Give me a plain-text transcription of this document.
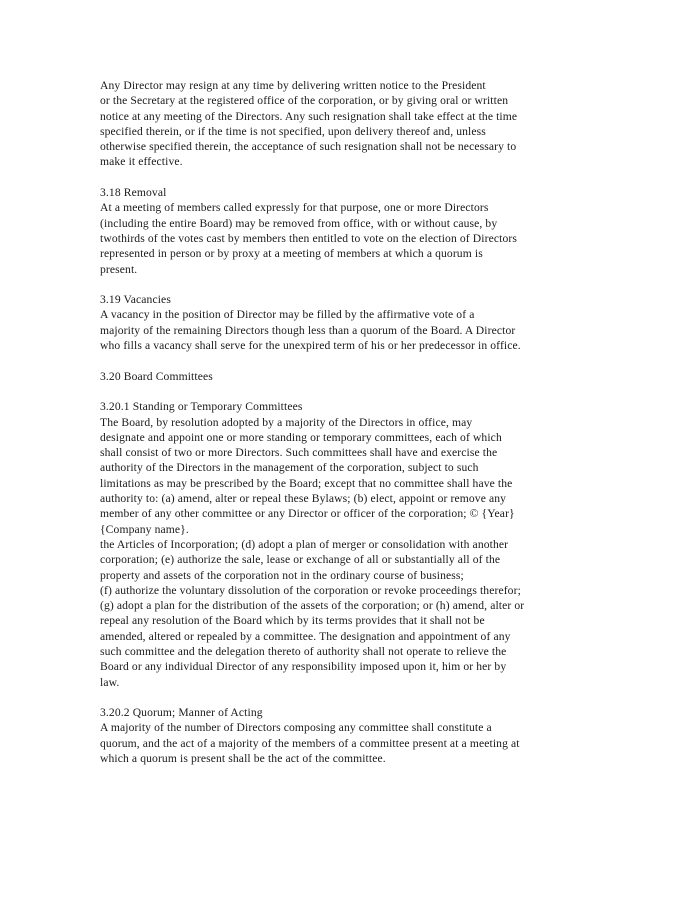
Any Director may resign at any time by delivering written notice to the President
or the Secretary at the registered office of the corporation, or by giving oral or written
notice at any meeting of the Directors. Any such resignation shall take effect at the time
specified therein, or if the time is not specified, upon delivery thereof and, unless
otherwise specified therein, the acceptance of such resignation shall not be necessary to
make it effective.
3.18 Removal
At a meeting of members called expressly for that purpose, one or more Directors
(including the entire Board) may be removed from office, with or without cause, by
twothirds of the votes cast by members then entitled to vote on the election of Directors
represented in person or by proxy at a meeting of members at which a quorum is
present.
3.19 Vacancies
A vacancy in the position of Director may be filled by the affirmative vote of a
majority of the remaining Directors though less than a quorum of the Board. A Director
who fills a vacancy shall serve for the unexpired term of his or her predecessor in office.
3.20 Board Committees
3.20.1 Standing or Temporary Committees
The Board, by resolution adopted by a majority of the Directors in office, may
designate and appoint one or more standing or temporary committees, each of which
shall consist of two or more Directors. Such committees shall have and exercise the
authority of the Directors in the management of the corporation, subject to such
limitations as may be prescribed by the Board; except that no committee shall have the
authority to: (a) amend, alter or repeal these Bylaws; (b) elect, appoint or remove any
member of any other committee or any Director or officer of the corporation; © {Year}
{Company name}.
the Articles of Incorporation; (d) adopt a plan of merger or consolidation with another
corporation; (e) authorize the sale, lease or exchange of all or substantially all of the
property and assets of the corporation not in the ordinary course of business;
(f) authorize the voluntary dissolution of the corporation or revoke proceedings therefor;
(g) adopt a plan for the distribution of the assets of the corporation; or (h) amend, alter or
repeal any resolution of the Board which by its terms provides that it shall not be
amended, altered or repealed by a committee. The designation and appointment of any
such committee and the delegation thereto of authority shall not operate to relieve the
Board or any individual Director of any responsibility imposed upon it, him or her by
law.
3.20.2 Quorum; Manner of Acting
A majority of the number of Directors composing any committee shall constitute a
quorum, and the act of a majority of the members of a committee present at a meeting at
which a quorum is present shall be the act of the committee.
